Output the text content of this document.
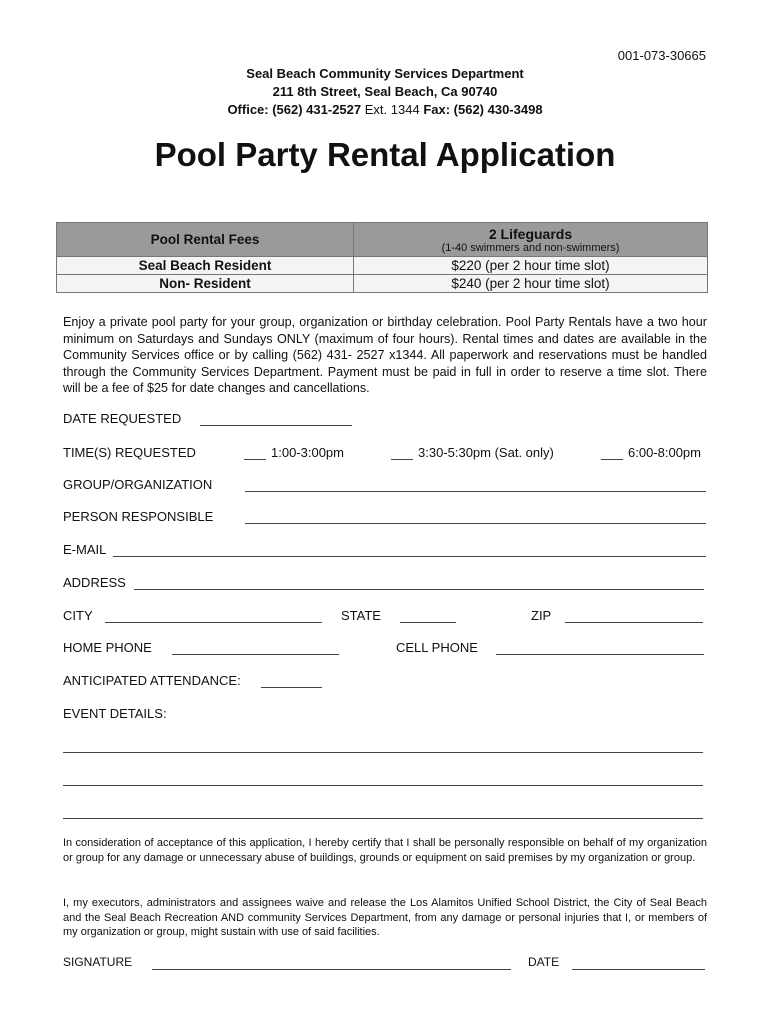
001-073-30665
Seal Beach Community Services Department
211 8th Street, Seal Beach, Ca 90740
Office: (562) 431-2527 Ext. 1344 Fax: (562) 430-3498
Pool Party Rental Application
Pool Rental Fees	2 Lifeguards
(1-40 swimmers and non-swimmers)

Seal Beach Resident	$220 (per 2 hour time slot)
Non- Resident	$240 (per 2 hour time slot)
Enjoy a private pool party for your group, organization or birthday celebration. Pool Party Rentals have a two hour minimum on Saturdays and Sundays ONLY (maximum of four hours). Rental times and dates are available in the Community Services office or by calling (562) 431- 2527 x1344. All paperwork and reservations must be handled through the Community Services Department. Payment must be paid in full in order to reserve a time slot. There will be a fee of $25 for date changes and cancellations.
DATE REQUESTED
TIME(S) REQUESTED	1:00-3:00pm	3:30-5:30pm (Sat. only)	6:00-8:00pm
GROUP/ORGANIZATION
PERSON RESPONSIBLE
E-MAIL
ADDRESS
CITY	STATE	ZIP
HOME PHONE	CELL PHONE
ANTICIPATED ATTENDANCE:
EVENT DETAILS:
In consideration of acceptance of this application, I hereby certify that I shall be personally responsible on behalf of my organization or group for any damage or unnecessary abuse of buildings, grounds or equipment on said premises by my organization or group.
I, my executors, administrators and assignees waive and release the Los Alamitos Unified School District, the City of Seal Beach and the Seal Beach Recreation AND community Services Department, from any damage or personal injuries that I, or members of my organization or group, might sustain with use of said facilities.
SIGNATURE	DATE
